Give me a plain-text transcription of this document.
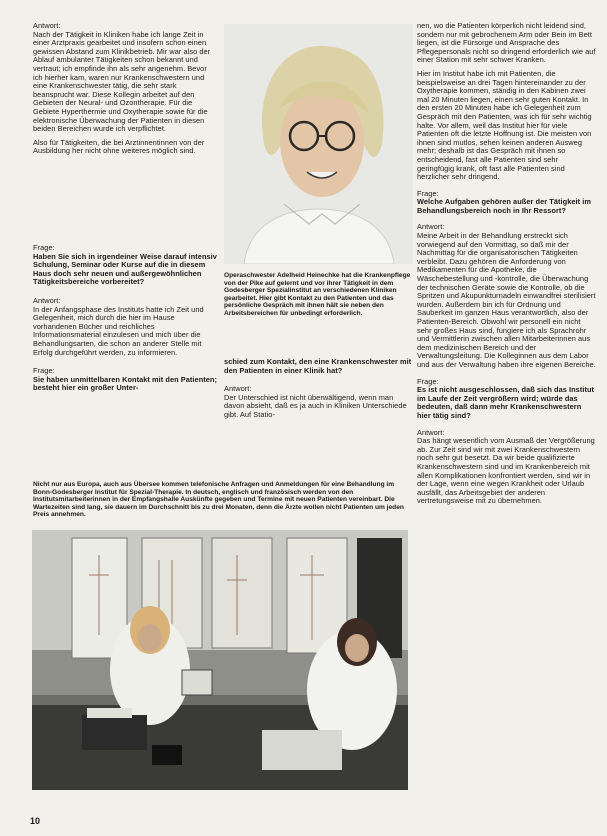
Antwort:

Nach der Tätigkeit in Kliniken habe ich lange Zeit in einer Arztpraxis gearbeitet und insofern schon einen gewissen Abstand zum Klinikbetrieb. Mir war also der Ablauf ambulanter Tätigkeiten schon bekannt und vertraut; ich empfinde ihn als sehr angenehm. Bevor ich hierher kam, waren nur Krankenschwestern und eine Krankenschwester tätig, die sehr stark beansprucht war. Diese Kollegin arbeitet auf den Gebieten der Neural- und Ozontherapie. Für die Gebiete Hyperthermie und Oxytherapie sowie für die elektronische Überwachung der Patienten in diesen beiden Bereichen wurde ich verpflichtet.

Also für Tätigkeiten, die bei Arztinnentinnen von der Ausbildung her nicht ohne weiteres möglich sind.

Frage:

Haben Sie sich in irgendeiner Weise darauf intensiv Schulung, Seminar oder Kurse auf die in diesem Haus doch sehr neuen und außergewöhnlichen Tätigkeitsbereiche vorbereitet?

Antwort:

In der Anfangsphase des Instituts hatte ich Zeit und Gelegenheit, mich durch die hier im Hause vorhandenen Bücher und reichliches Informationsmaterial einzulesen und mich über die Behandlungsarten, die schon an anderer Stelle mit Erfolg durchgeführt werden, zu informieren.

Frage:

Sie haben unmittelbaren Kontakt mit den Patienten; besteht hier ein großer Unter-

Operaschwester Adelheid Heinechke hat die Krankenpflege von der Pike auf gelernt und vor ihrer Tätigkeit in dem Godesberger Spezialinstitut an verschiedenen Kliniken gearbeitet. Hier gibt Kontakt zu den Patienten und das persönliche Gespräch mit ihnen hält sie neben den Arbeitsbereichen für unbedingt erforderlich.

schied zum Kontakt, den eine Krankenschwester mit den Patienten in einer Klinik hat?

Antwort:

Der Unterschied ist nicht überwältigend, wenn man davon absieht, daß es ja auch in Kliniken Unterschiede gibt. Auf Statio-

nen, wo die Patienten körperlich nicht leidend sind, sondern nur mit gebrochenem Arm oder Bein im Bett liegen, ist die Fürsorge und Ansprache des Pflegepersonals nicht so dringend erforderlich wie auf einer Station mit sehr schwer Kranken.

Hier im Institut habe ich mit Patienten, die beispielsweise an drei Tagen hintereinander zu der Oxytherapie kommen, ständig in den Kabinen zwei mal 20 Minuten liegen, einen sehr guten Kontakt. In den ersten 20 Minuten habe ich Gelegenheit zum Gespräch mit den Patienten, was ich für sehr wichtig halte. Vor allem, weil das Institut hier für viele Patienten oft die letzte Hoffnung ist. Die meisten von ihnen sind mutlos, sehen keinen anderen Ausweg mehr; deshalb ist das Gespräch mit ihnen so entscheidend, fast alle Patienten sind sehr geringfügig krank, oft fast alle Patienten sind herzlicher sehr dringend.

Frage:

Welche Aufgaben gehören außer der Tätigkeit im Behandlungsbereich noch in Ihr Ressort?

Antwort:

Meine Arbeit in der Behandlung erstreckt sich vorwiegend auf den Vormittag, so daß mir der Nachmittag für die organisatorischen Tätigkeiten verbleibt. Dazu gehören die Anforderung von Medikamenten für die Apotheke, die Wäschebestellung und -kontrolle, die Überwachung der technischen Geräte sowie die Kontrolle, ob die Spritzen und Akupunkturnadeln einwandfrei sterilisiert wurden. Außerdem bin ich für Ordnung und Sauberkeit im ganzen Haus verantwortlich, also der Patienten-Bereich. Obwohl wir personell ein nicht sehr großes Haus sind, fungiere ich als Sprachrohr und Vermittlerin zwischen allen Mitarbeiterinnen aus dem medizinischen Bereich und der Verwaltungsleitung. Die Kolleginnen aus dem Labor und aus der Verwaltung haben ihre eigenen Bereiche.

Frage:

Es ist nicht ausgeschlossen, daß sich das Institut im Laufe der Zeit vergrößern wird; würde das bedeuten, daß dann mehr Krankenschwestern hier tätig sind?

Antwort:

Das hängt wesentlich vom Ausmaß der Vergrößerung ab. Zur Zeit sind wir mit zwei Krankenschwestern noch sehr gut besetzt. Da wir beide qualifizierte Krankenschwestern sind und im Krankenbereich mit allen Komplikationen konfrontiert werden, sind wir in der Lage, wenn eine wegen Krankheit oder Urlaub ausfällt, das Arbeitsgebiet der anderen vertretungsweise mit zu übernehmen.

Nicht nur aus Europa, auch aus Übersee kommen telefonische Anfragen und Anmeldungen für eine Behandlung im Bonn-Godesberger Institut für Spezial-Therapie. In deutsch, englisch und französisch werden von den Institutsmitarbeiterinnen in der Empfangshalle Auskünfte gegeben und Termine mit neuen Patienten vereinbart. Die Wartezeiten sind lang, sie dauern im Durchschnitt bis zu drei Monaten, denn die Ärzte wollen nicht Patienten um jeden Preis annehmen.
10
